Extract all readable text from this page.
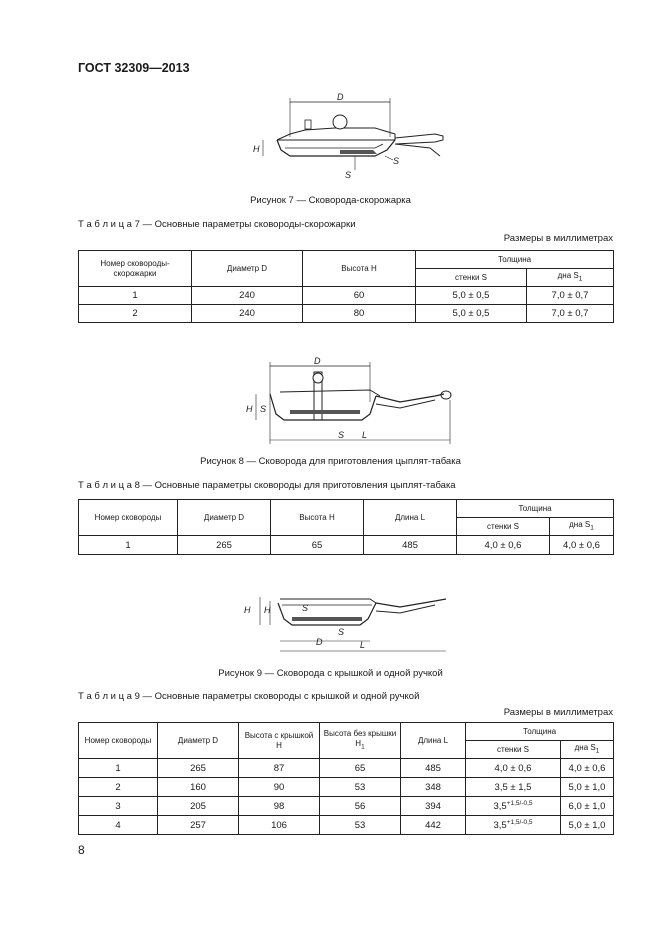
ГОСТ 32309—2013
D
H
S
S
Рисунок 7 — Сковорода-скорожарка
Т а б л и ц а 7 — Основные параметры сковороды-скорожарки
Размеры в миллиметрах
Номер сковороды-скорожарки	Диаметр D	Высота H	Толщина	
			стенки S	дна $S_1$
1	240	60	5,0 ± 0,5	7,0 ± 0,7
2	240	80	5,0 ± 0,5	7,0 ± 0,7
D
H S
S L
Рисунок 8 — Сковорода для приготовления цыплят-табака
Т а б л и ц а 8 — Основные параметры сковороды для приготовления цыплят-табака
Номер сковороды	Диаметр D	Высота H	Длина L	Толщина	
				стенки S	дна $S_1$
1	265	65	485	4,0 ± 0,6	4,0 ± 0,6
H H	S
S
D	L
Рисунок 9 — Сковорода с крышкой и одной ручкой
Т а б л и ц а 9 — Основные параметры сковороды с крышкой и одной ручкой
Размеры в миллиметрах
Номер сковороды	Диаметр D	Высота с крышкой H	Высота без крышки $H_1$	Длина L	Толщина	
					стенки S	дна $S_1$
1	265	87	65	485	4,0 ± 0,6	4,0 ± 0,6
2	160	90	53	348	3,5 ± 1,5	5,0 ± 1,0
3	205	98	56	394	$3,5^{+1,5/-0,5}$	6,0 ± 1,0
4	257	106	53	442	$3,5^{+1,5/-0,5}$	5,0 ± 1,0
8
